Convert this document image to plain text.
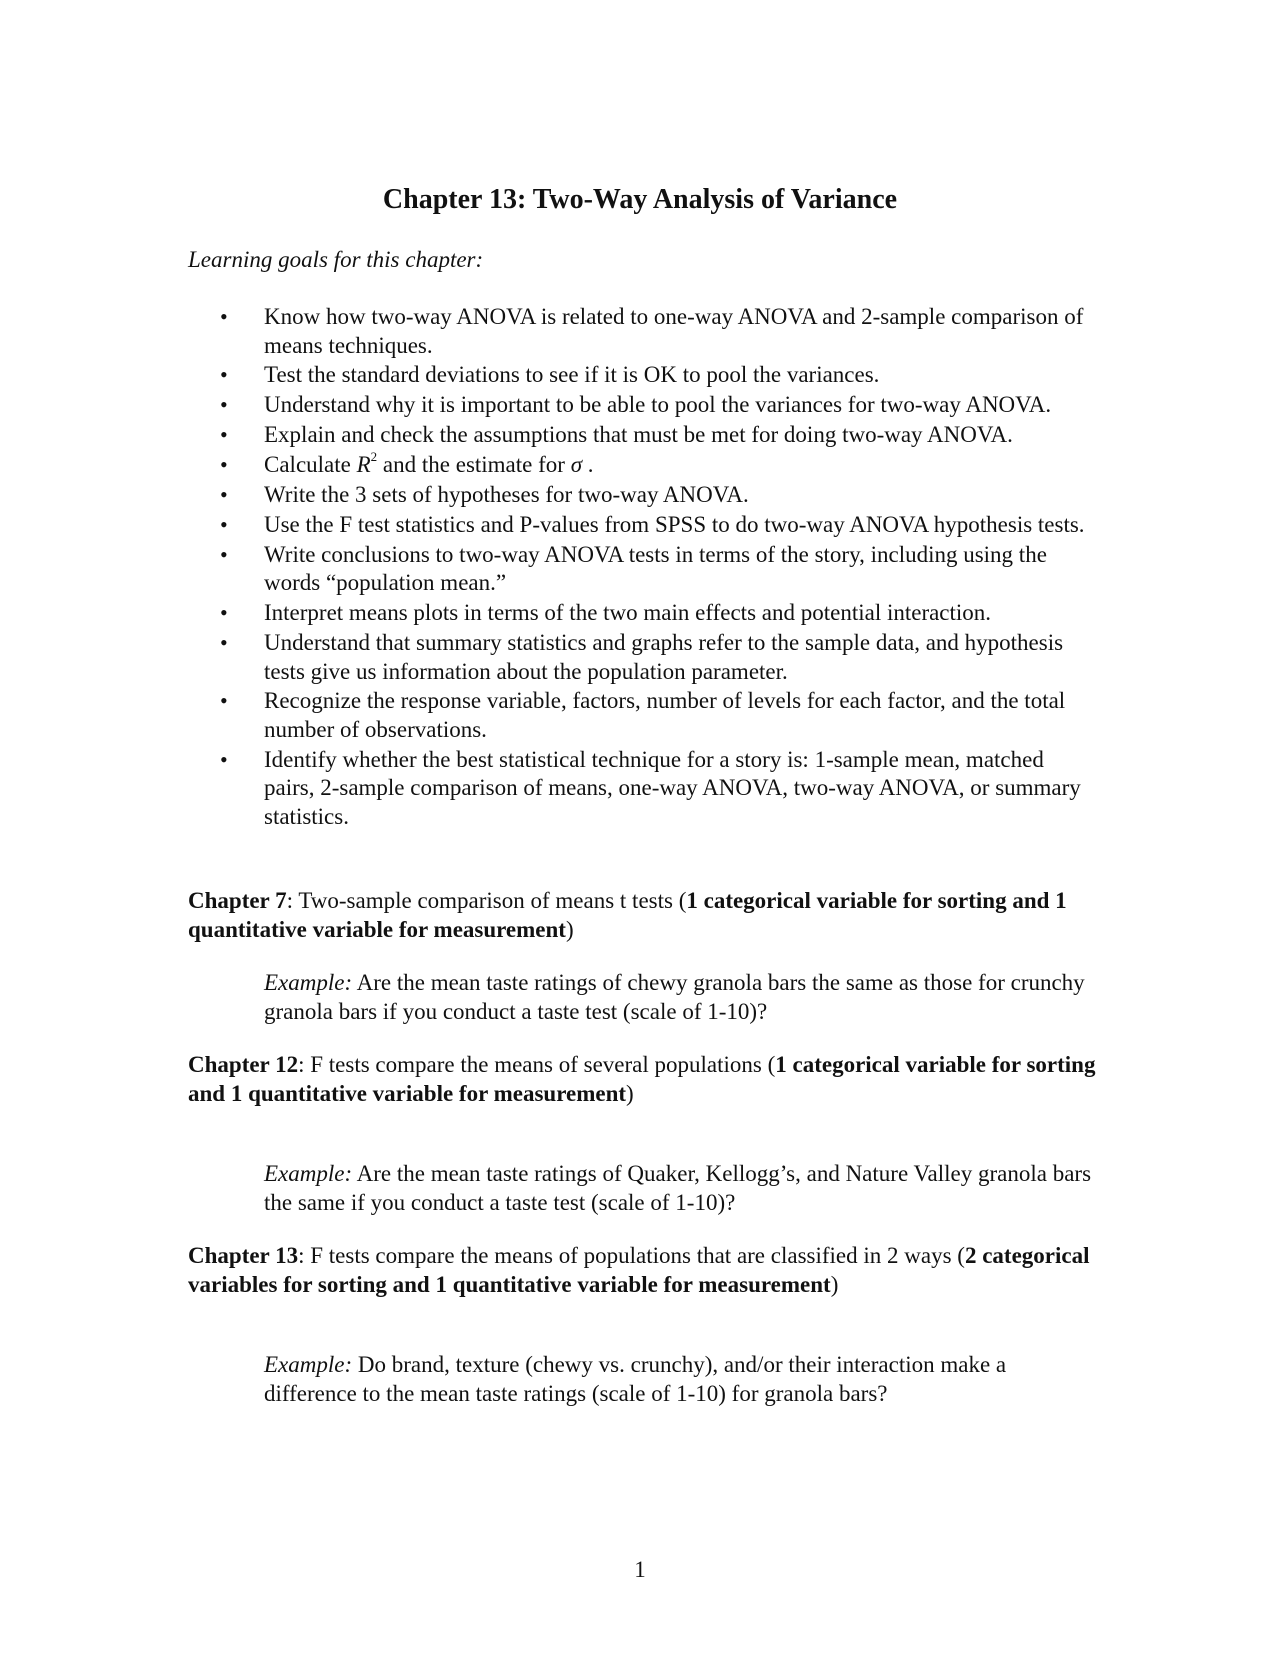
Chapter 13: Two-Way Analysis of Variance

Learning goals for this chapter:

• Know how two-way ANOVA is related to one-way ANOVA and 2-sample comparison of means techniques.
• Test the standard deviations to see if it is OK to pool the variances.
• Understand why it is important to be able to pool the variances for two-way ANOVA.
• Explain and check the assumptions that must be met for doing two-way ANOVA.
• Calculate $R^2$ and the estimate for σ .
• Write the 3 sets of hypotheses for two-way ANOVA.
• Use the F test statistics and P-values from SPSS to do two-way ANOVA hypothesis tests.
• Write conclusions to two-way ANOVA tests in terms of the story, including using the words “population mean.”
• Interpret means plots in terms of the two main effects and potential interaction.
• Understand that summary statistics and graphs refer to the sample data, and hypothesis tests give us information about the population parameter.
• Recognize the response variable, factors, number of levels for each factor, and the total number of observations.
• Identify whether the best statistical technique for a story is: 1-sample mean, matched pairs, 2-sample comparison of means, one-way ANOVA, two-way ANOVA, or summary statistics.

Chapter 7: Two-sample comparison of means t tests (1 categorical variable for sorting and 1 quantitative variable for measurement)

Example: Are the mean taste ratings of chewy granola bars the same as those for crunchy granola bars if you conduct a taste test (scale of 1-10)?

Chapter 12: F tests compare the means of several populations (1 categorical variable for sorting and 1 quantitative variable for measurement)

Example: Are the mean taste ratings of Quaker, Kellogg’s, and Nature Valley granola bars the same if you conduct a taste test (scale of 1-10)?

Chapter 13: F tests compare the means of populations that are classified in 2 ways (2 categorical variables for sorting and 1 quantitative variable for measurement)

Example: Do brand, texture (chewy vs. crunchy), and/or their interaction make a difference to the mean taste ratings (scale of 1-10) for granola bars?

1
